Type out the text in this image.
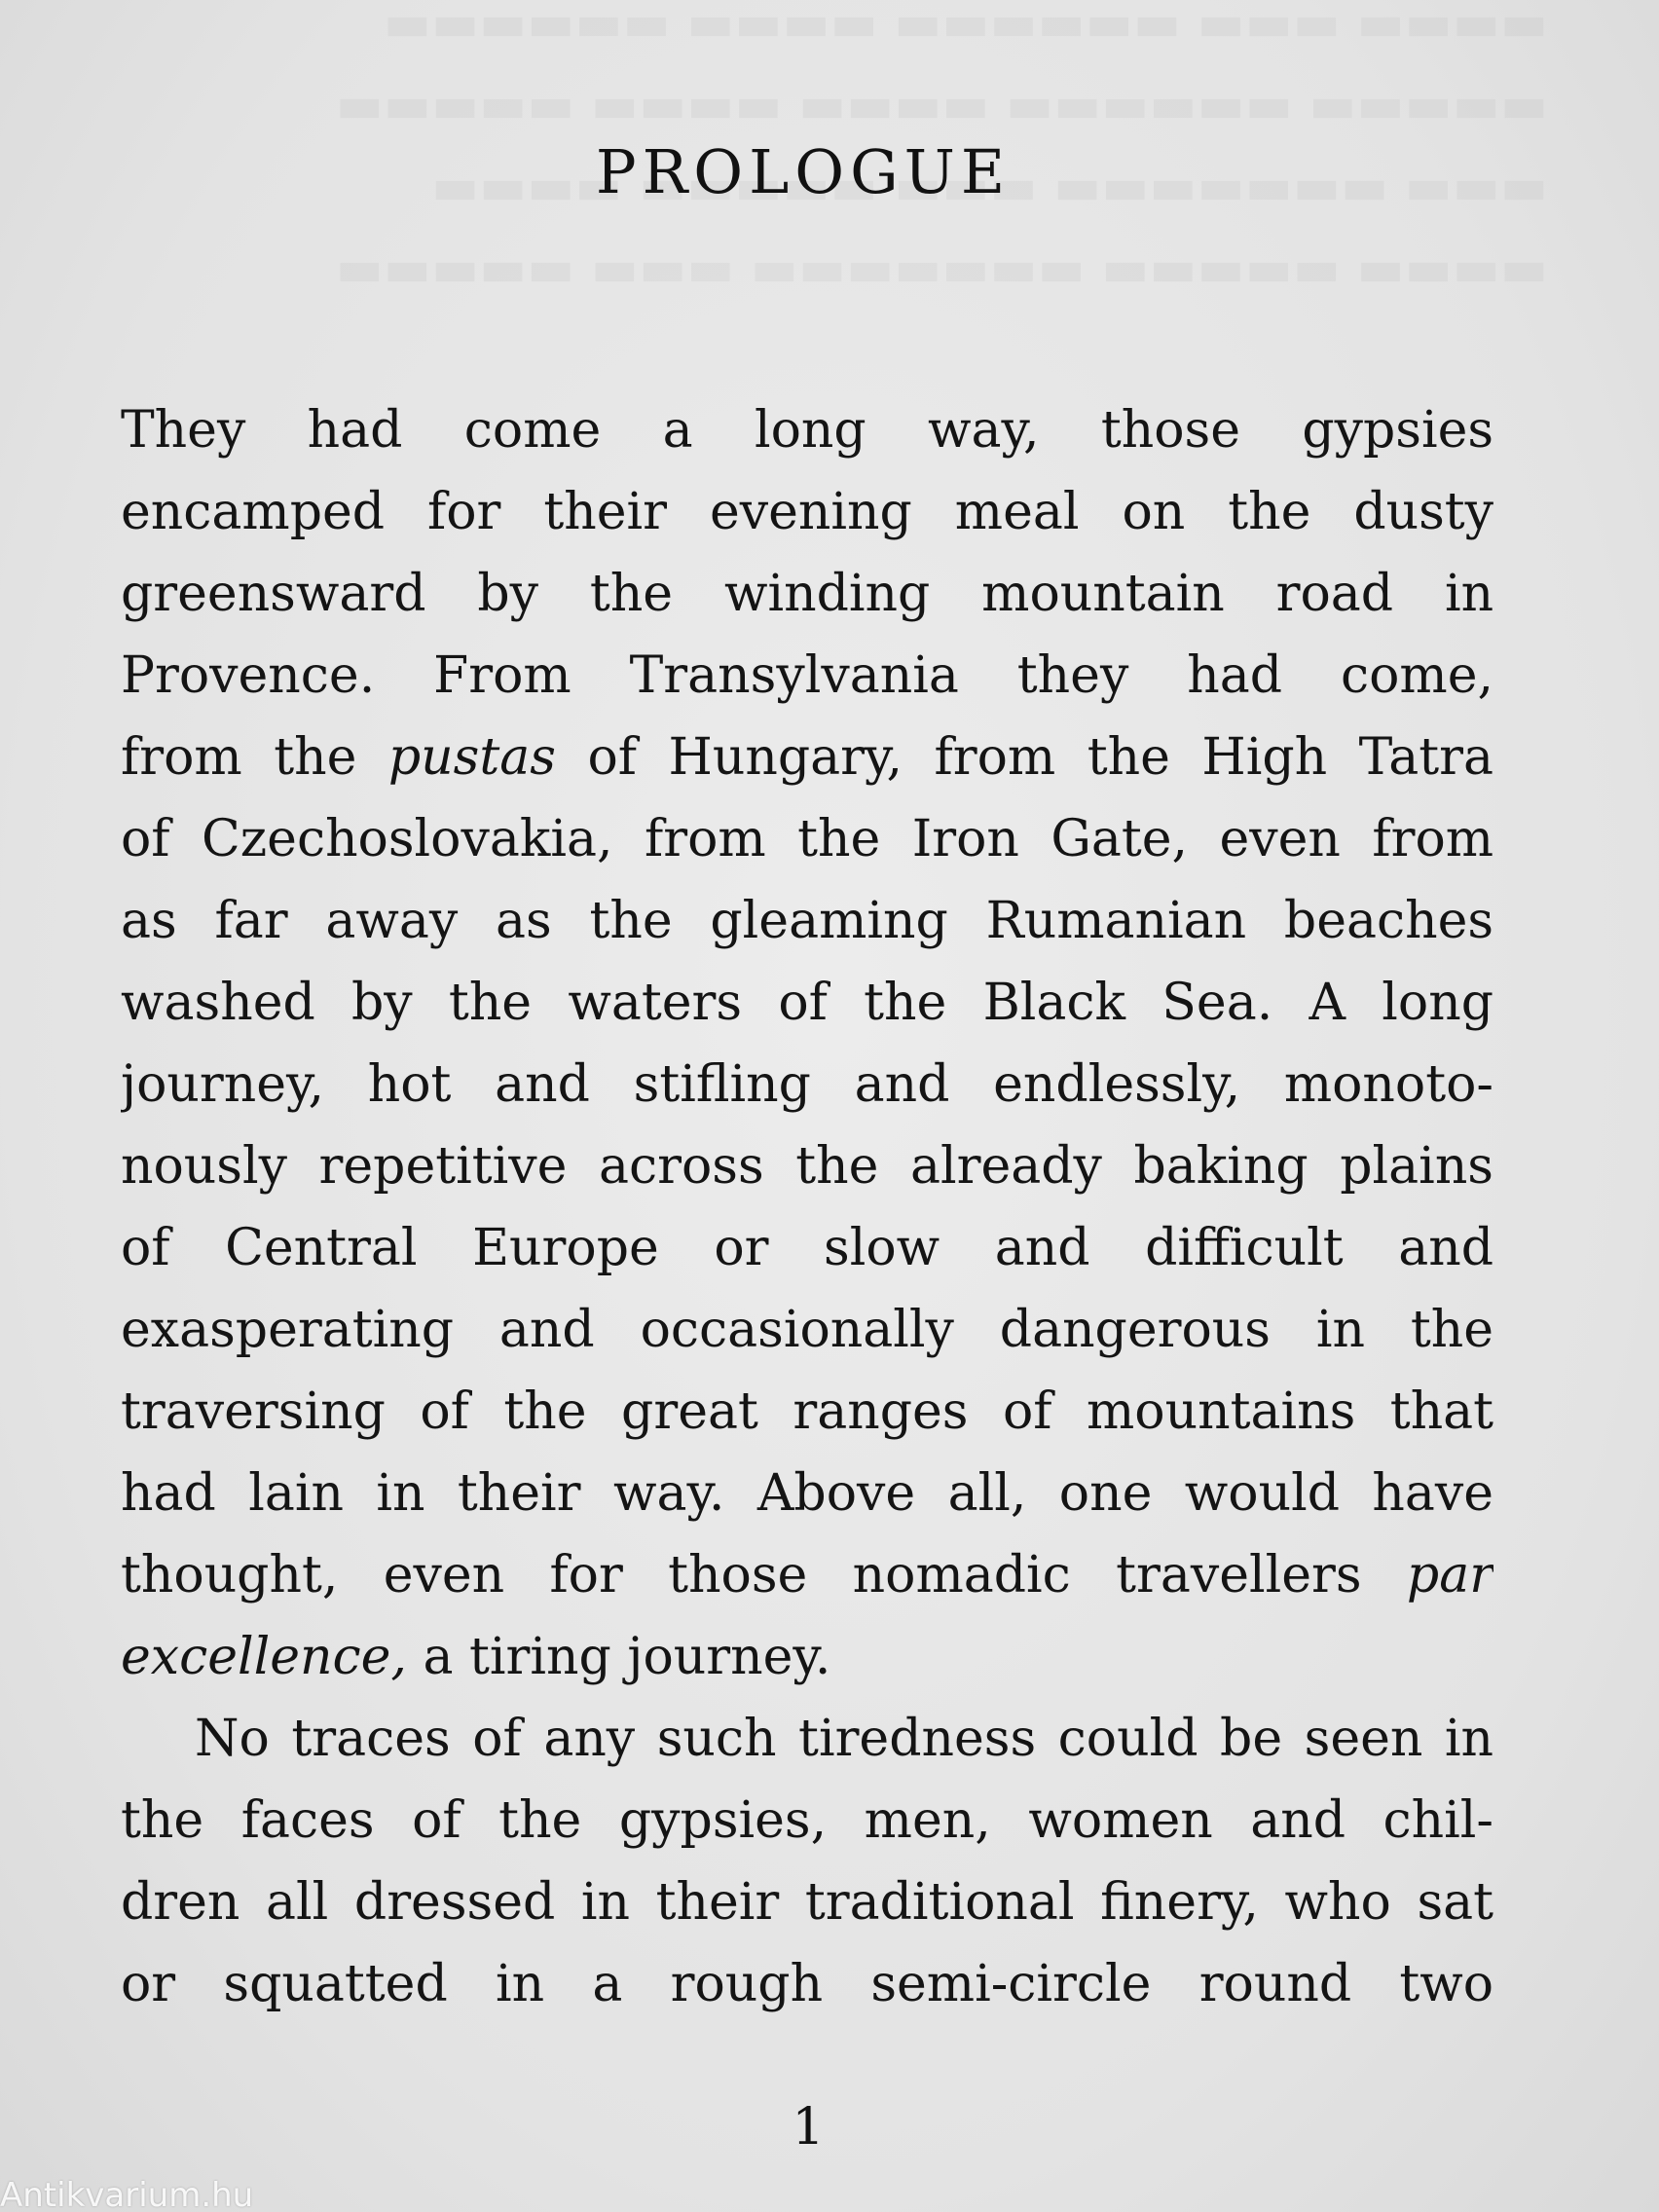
PROLOGUE
They had come a long way, those gypsies
encamped for their evening meal on the dusty
greensward by the winding mountain road in
Provence. From Transylvania they had come,
from the pustas of Hungary, from the High Tatra
of Czechoslovakia, from the Iron Gate, even from
as far away as the gleaming Rumanian beaches
washed by the waters of the Black Sea. A long
journey, hot and stifling and endlessly, monoto-
nously repetitive across the already baking plains
of Central Europe or slow and difficult and
exasperating and occasionally dangerous in the
traversing of the great ranges of mountains that
had lain in their way. Above all, one would have
thought, even for those nomadic travellers par
excellence, a tiring journey.
No traces of any such tiredness could be seen in
the faces of the gypsies, men, women and chil-
dren all dressed in their traditional finery, who sat
or squatted in a rough semi-circle round two
1
Antikvarium.hu
